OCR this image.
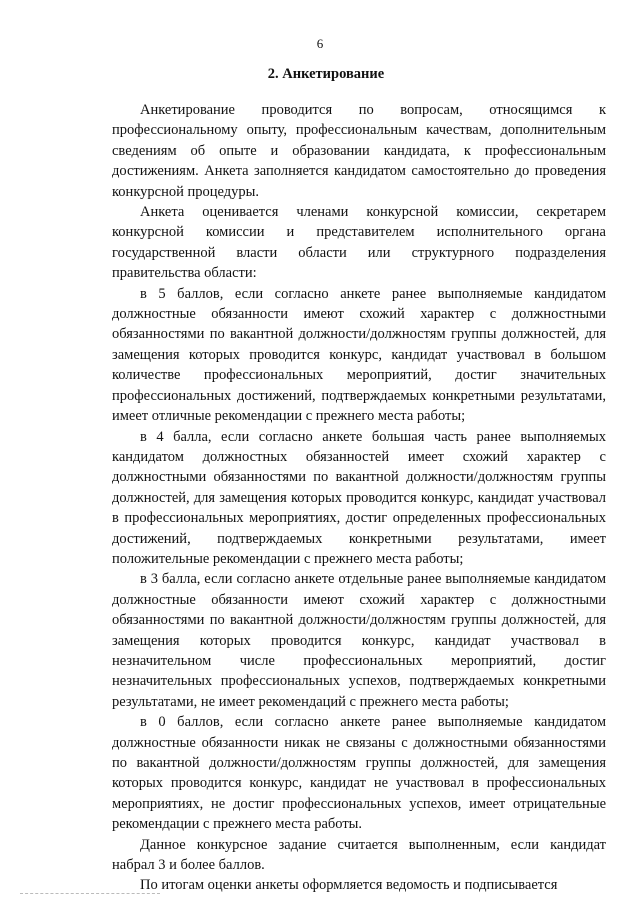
6
2. Анкетирование

Анкетирование проводится по вопросам, относящимся к профессиональному опыту, профессиональным качествам, дополнительным сведениям об опыте и образовании кандидата, к профессиональным достижениям. Анкета заполняется кандидатом самостоятельно до проведения конкурсной процедуры.

Анкета оценивается членами конкурсной комиссии, секретарем конкурсной комиссии и представителем исполнительного органа государственной власти области или структурного подразделения правительства области:

в 5 баллов, если согласно анкете ранее выполняемые кандидатом должностные обязанности имеют схожий характер с должностными обязанностями по вакантной должности/должностям группы должностей, для замещения которых проводится конкурс, кандидат участвовал в большом количестве профессиональных мероприятий, достиг значительных профессиональных достижений, подтверждаемых конкретными результатами, имеет отличные рекомендации с прежнего места работы;

в 4 балла, если согласно анкете большая часть ранее выполняемых кандидатом должностных обязанностей имеет схожий характер с должностными обязанностями по вакантной должности/должностям группы должностей, для замещения которых проводится конкурс, кандидат участвовал в профессиональных мероприятиях, достиг определенных профессиональных достижений, подтверждаемых конкретными результатами, имеет положительные рекомендации с прежнего места работы;

в 3 балла, если согласно анкете отдельные ранее выполняемые кандидатом должностные обязанности имеют схожий характер с должностными обязанностями по вакантной должности/должностям группы должностей, для замещения которых проводится конкурс, кандидат участвовал в незначительном числе профессиональных мероприятий, достиг незначительных профессиональных успехов, подтверждаемых конкретными результатами, не имеет рекомендаций с прежнего места работы;

в 0 баллов, если согласно анкете ранее выполняемые кандидатом должностные обязанности никак не связаны с должностными обязанностями по вакантной должности/должностям группы должностей, для замещения которых проводится конкурс, кандидат не участвовал в профессиональных мероприятиях, не достиг профессиональных успехов, имеет отрицательные рекомендации с прежнего места работы.

Данное конкурсное задание считается выполненным, если кандидат набрал 3 и более баллов.

По итогам оценки анкеты оформляется ведомость и подписывается
